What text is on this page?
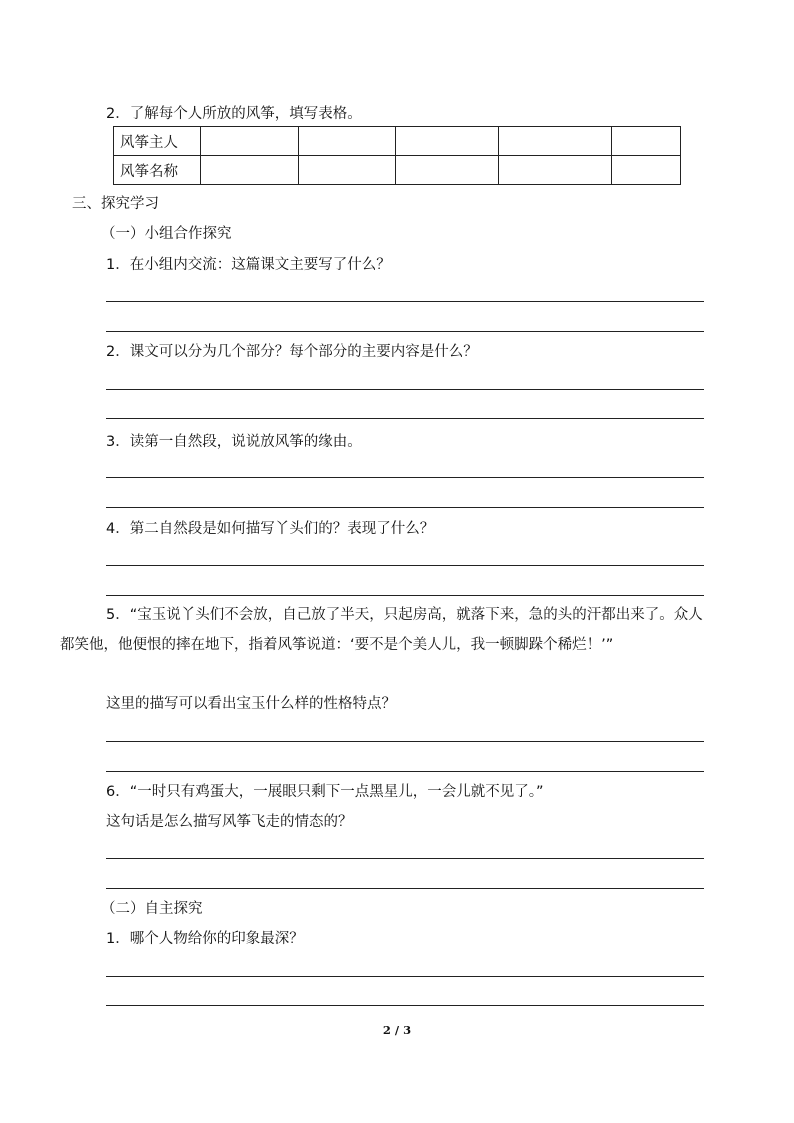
2．了解每个人所放的风筝，填写表格。
风筝主人					
风筝名称					
三、探究学习
（一）小组合作探究
1．在小组内交流：这篇课文主要写了什么？
2．课文可以分为几个部分？每个部分的主要内容是什么？
3．读第一自然段，说说放风筝的缘由。
4．第二自然段是如何描写丫头们的？表现了什么？
5．“宝玉说丫头们不会放，自己放了半天，只起房高，就落下来，急的头的汗都出来了。众人都笑他，他便恨的摔在地下，指着风筝说道：‘要不是个美人儿，我一顿脚跺个稀烂！’”
这里的描写可以看出宝玉什么样的性格特点？
6．“一时只有鸡蛋大，一展眼只剩下一点黑星儿，一会儿就不见了。”
这句话是怎么描写风筝飞走的情态的？
（二）自主探究
1．哪个人物给你的印象最深？
2 / 3
